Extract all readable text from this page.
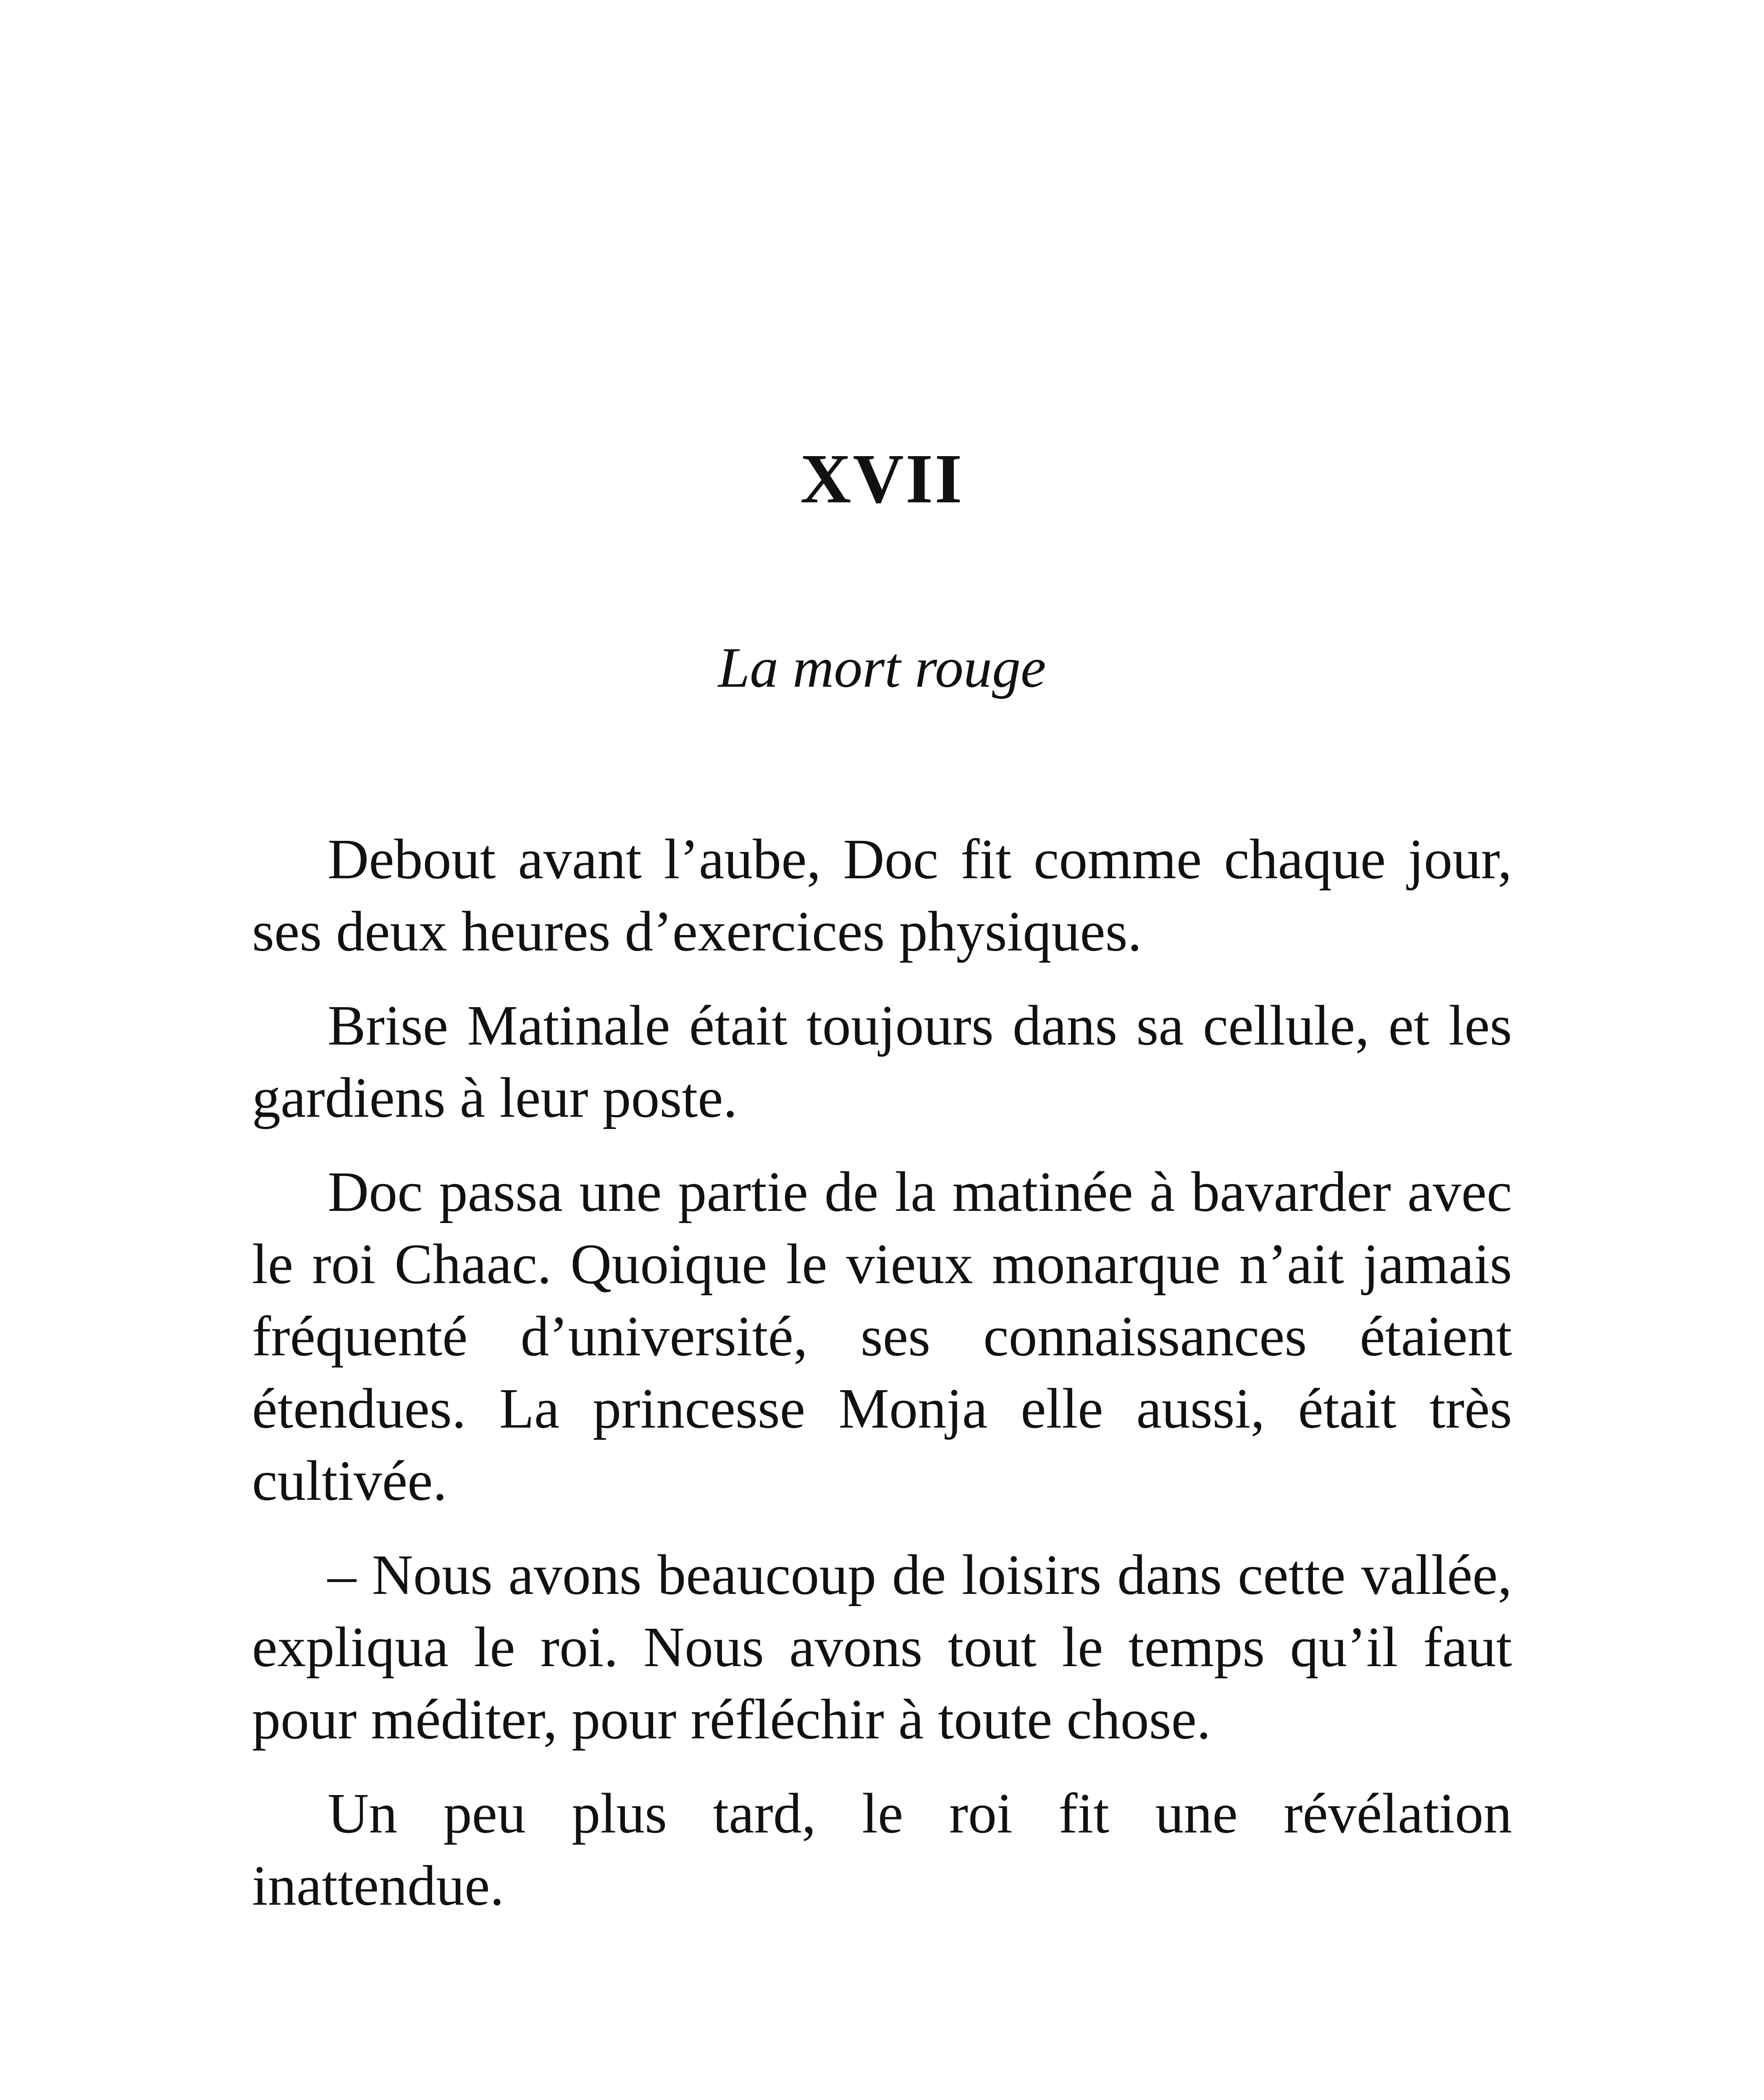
XVII
La mort rouge

Debout avant l’aube, Doc fit comme chaque jour, ses deux heures d’exercices physiques.

Brise Matinale était toujours dans sa cellule, et les gardiens à leur poste.

Doc passa une partie de la matinée à bavarder avec le roi Chaac. Quoique le vieux monarque n’ait jamais fréquenté d’université, ses connaissances étaient étendues. La princesse Monja elle aussi, était très cultivée.

– Nous avons beaucoup de loisirs dans cette vallée, expliqua le roi. Nous avons tout le temps qu’il faut pour méditer, pour réfléchir à toute chose.

Un peu plus tard, le roi fit une révélation inattendue.
